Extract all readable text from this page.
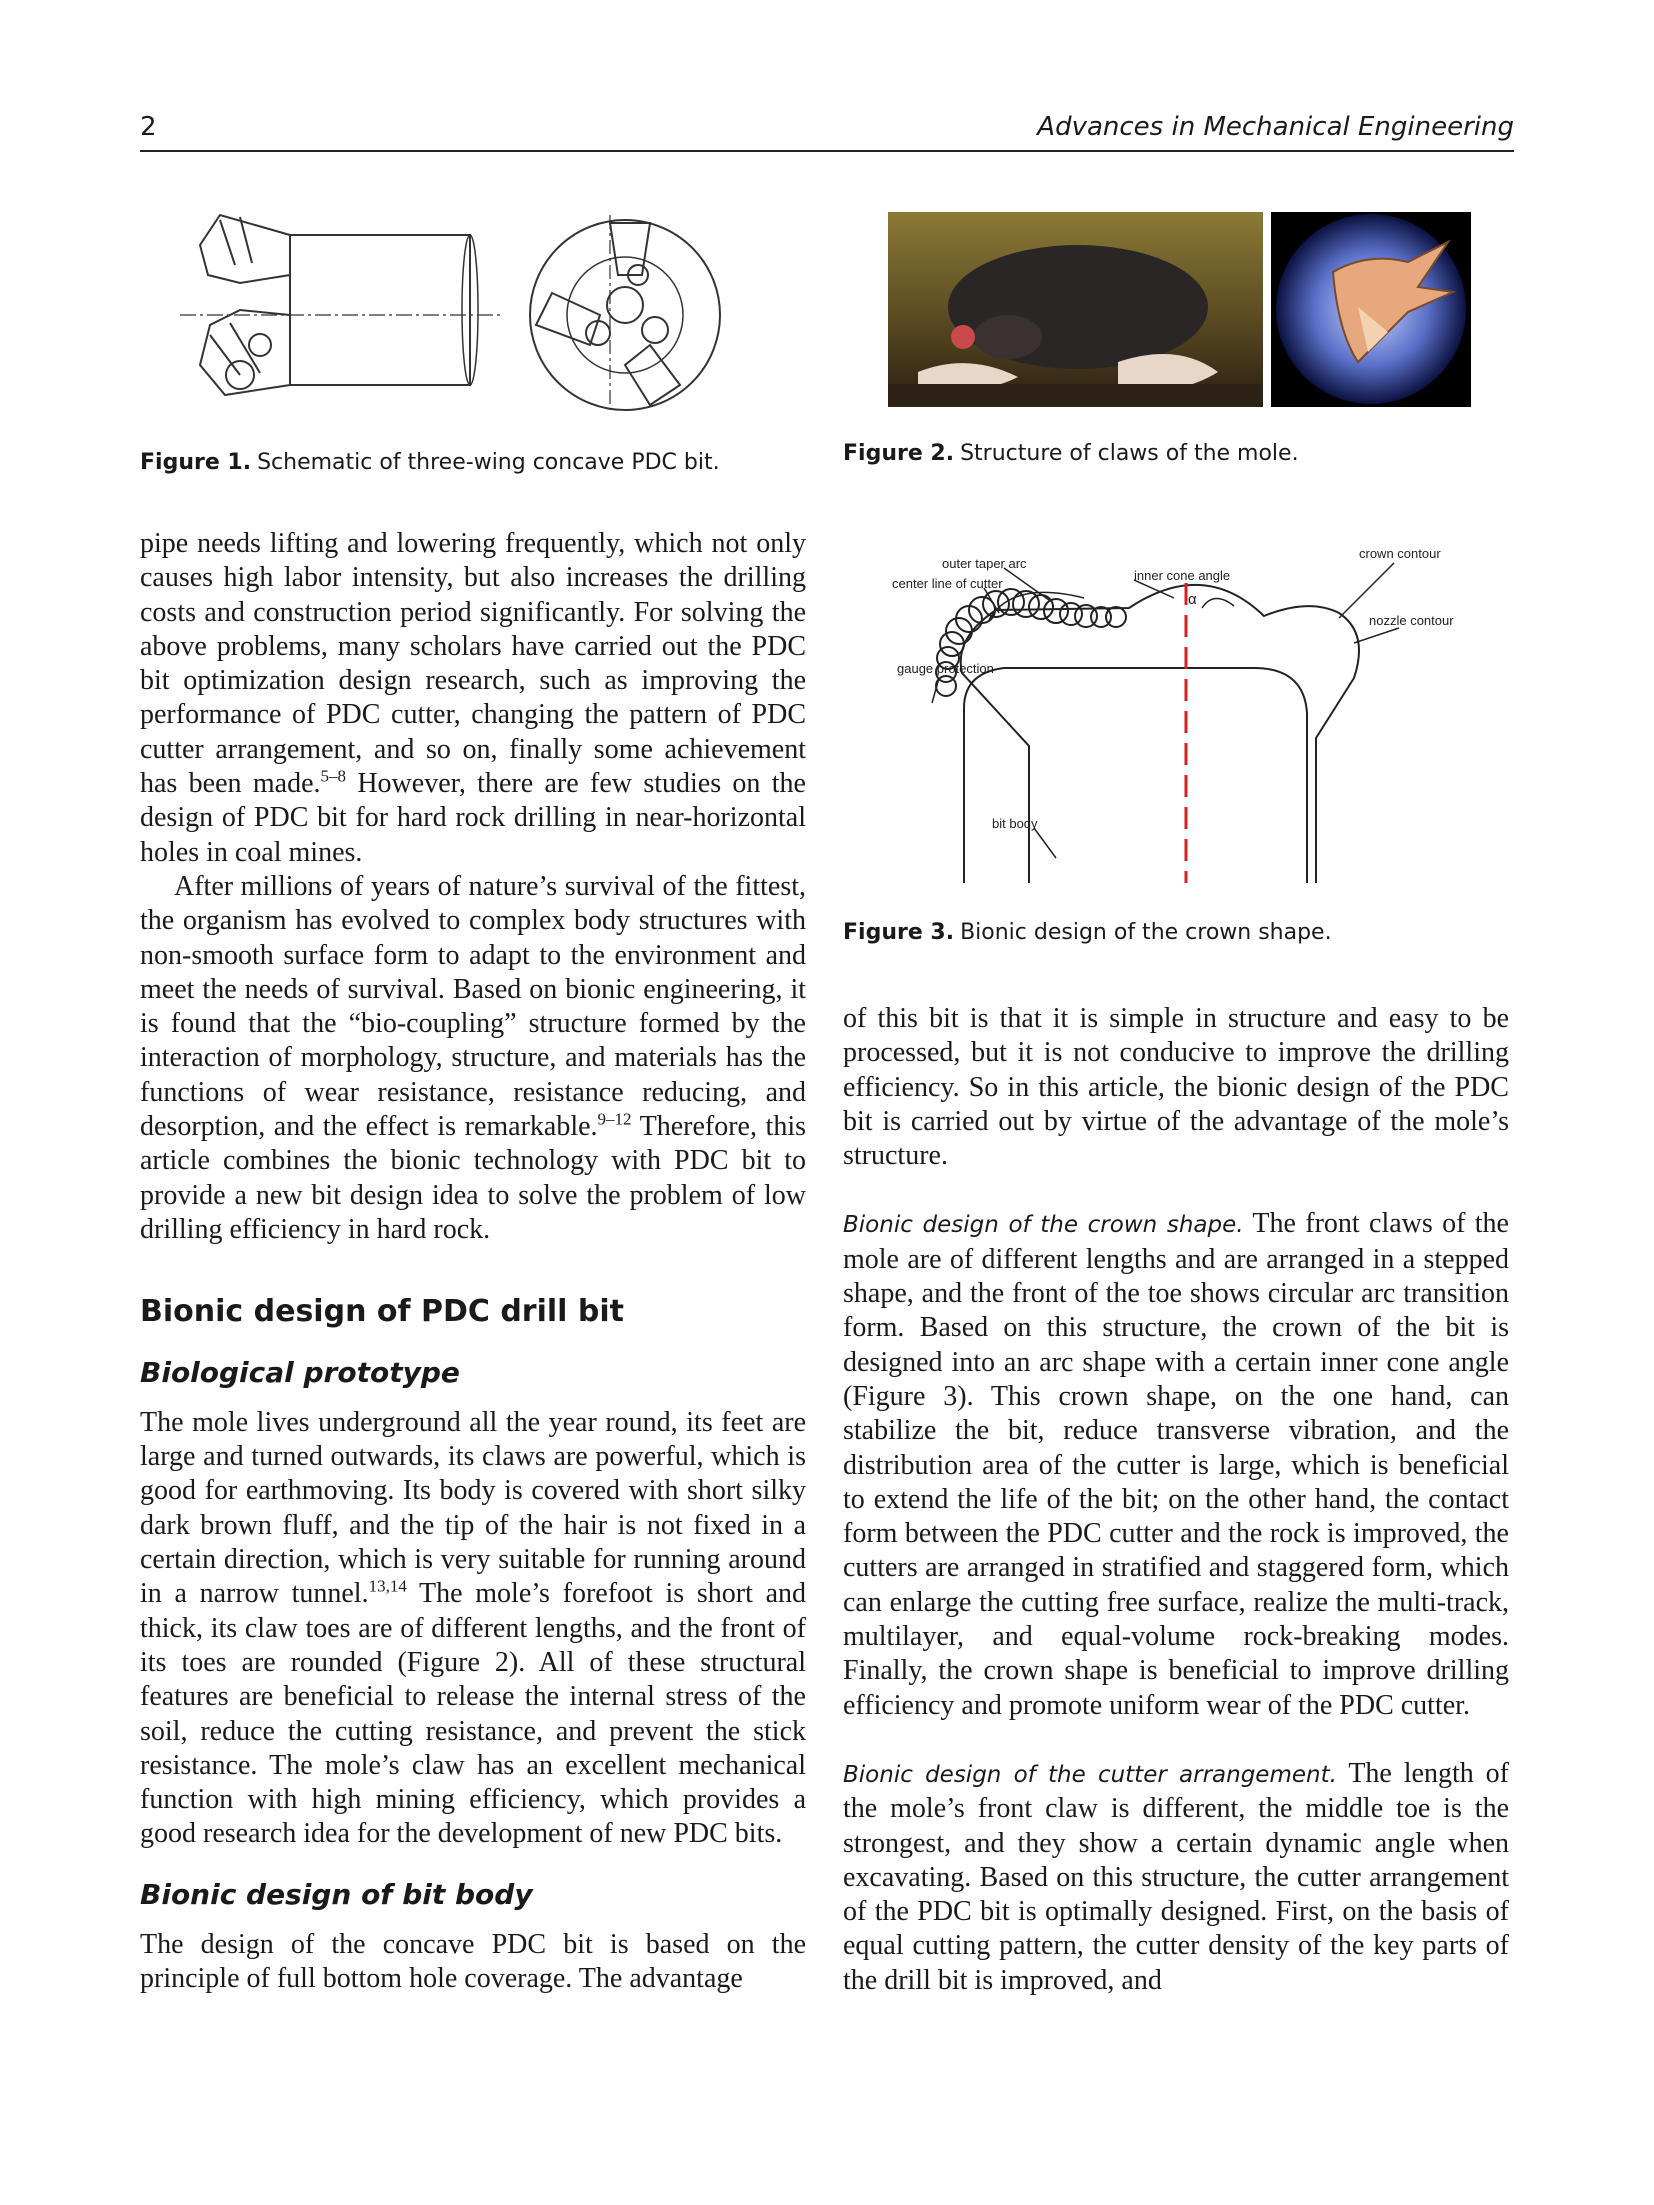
2	Advances in Mechanical Engineering
Figure 1. Schematic of three-wing concave PDC bit.	Figure 2. Structure of claws of the mole.
outer taper arc
center line of cutter
inner cone angle
α
crown contour
nozzle contour
gauge protection
bit body
Figure 3. Bionic design of the crown shape.

pipe needs lifting and lowering frequently, which not only causes high labor intensity, but also increases the drilling costs and construction period significantly. For solving the above problems, many scholars have carried out the PDC bit optimization design research, such as improving the performance of PDC cutter, changing the pattern of PDC cutter arrangement, and so on, finally some achievement has been made.$^{5-8}$ However, there are few studies on the design of PDC bit for hard rock drilling in near-horizontal holes in coal mines.

After millions of years of nature’s survival of the fittest, the organism has evolved to complex body structures with non-smooth surface form to adapt to the environment and meet the needs of survival. Based on bionic engineering, it is found that the “bio-coupling” structure formed by the interaction of morphology, structure, and materials has the functions of wear resistance, resistance reducing, and desorption, and the effect is remarkable.$^{9-12}$ Therefore, this article combines the bionic technology with PDC bit to provide a new bit design idea to solve the problem of low drilling efficiency in hard rock.

Bionic design of PDC drill bit
Biological prototype

The mole lives underground all the year round, its feet are large and turned outwards, its claws are powerful, which is good for earthmoving. Its body is covered with short silky dark brown fluff, and the tip of the hair is not fixed in a certain direction, which is very suitable for running around in a narrow tunnel.$^{13,14}$ The mole’s forefoot is short and thick, its claw toes are of different lengths, and the front of its toes are rounded (Figure 2). All of these structural features are beneficial to release the internal stress of the soil, reduce the cutting resistance, and prevent the stick resistance. The mole’s claw has an excellent mechanical function with high mining efficiency, which provides a good research idea for the development of new PDC bits.

Bionic design of bit body

The design of the concave PDC bit is based on the principle of full bottom hole coverage. The advantage

of this bit is that it is simple in structure and easy to be processed, but it is not conducive to improve the drilling efficiency. So in this article, the bionic design of the PDC bit is carried out by virtue of the advantage of the mole’s structure.

Bionic design of the crown shape. The front claws of the mole are of different lengths and are arranged in a stepped shape, and the front of the toe shows circular arc transition form. Based on this structure, the crown of the bit is designed into an arc shape with a certain inner cone angle (Figure 3). This crown shape, on the one hand, can stabilize the bit, reduce transverse vibration, and the distribution area of the cutter is large, which is beneficial to extend the life of the bit; on the other hand, the contact form between the PDC cutter and the rock is improved, the cutters are arranged in stratified and staggered form, which can enlarge the cutting free surface, realize the multi-track, multilayer, and equal-volume rock-breaking modes. Finally, the crown shape is beneficial to improve drilling efficiency and promote uniform wear of the PDC cutter.

Bionic design of the cutter arrangement. The length of the mole’s front claw is different, the middle toe is the strongest, and they show a certain dynamic angle when excavating. Based on this structure, the cutter arrangement of the PDC bit is optimally designed. First, on the basis of equal cutting pattern, the cutter density of the key parts of the drill bit is improved, and
